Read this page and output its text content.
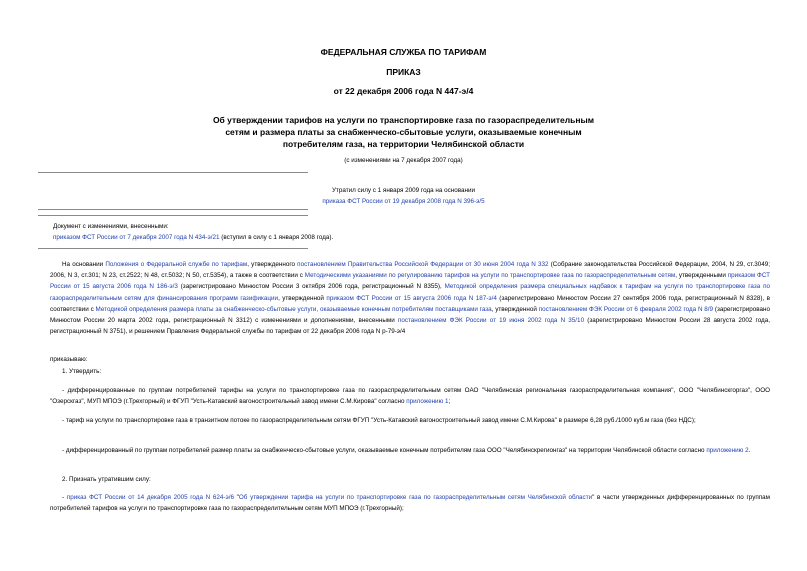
ФЕДЕРАЛЬНАЯ СЛУЖБА ПО ТАРИФАМ
ПРИКАЗ
от 22 декабря 2006 года N 447-э/4
Об утверждении тарифов на услуги по транспортировке газа по газораспределительным
сетям и размера платы за снабженческо-сбытовые услуги, оказываемые конечным
потребителям газа, на территории Челябинской области
(с изменениями на 7 декабря 2007 года)
Утратил силу с 1 января 2009 года на основании
приказа ФСТ России от 19 декабря 2008 года N 396-э/5
Документ с изменениями, внесенными:
приказом ФСТ России от 7 декабря 2007 года N 434-э/21 (вступил в силу с 1 января 2008 года).
На основании Положения о Федеральной службе по тарифам, утвержденного постановлением Правительства Российской Федерации от 30 июня 2004 года N 332 (Собрание законодательства Российской Федерации, 2004, N 29, ст.3049; 2006, N 3, ст.301; N 23, ст.2522; N 48, ст.5032; N 50, ст.5354), а также в соответствии с Методическими указаниями по регулированию тарифов на услуги по транспортировке газа по газораспределительным сетям, утвержденными приказом ФСТ России от 15 августа 2006 года N 186-э/3 (зарегистрировано Минюстом России 3 октября 2006 года, регистрационный N 8355), Методикой определения размера специальных надбавок к тарифам на услуги по транспортировке газа по газораспределительным сетям для финансирования программ газификации, утвержденной приказом ФСТ России от 15 августа 2006 года N 187-э/4 (зарегистрировано Минюстом России 27 сентября 2006 года, регистрационный N 8328), в соответствии с Методикой определения размера платы за снабженческо-сбытовые услуги, оказываемые конечным потребителям поставщиками газа, утвержденной постановлением ФЭК России от 6 февраля 2002 года N 8/9 (зарегистрировано Минюстом России 20 марта 2002 года, регистрационный N 3312) с изменениями и дополнениями, внесенными постановлением ФЭК России от 19 июня 2002 года N 35/10 (зарегистрировано Минюстом России 28 августа 2002 года, регистрационный N 3751), и решением Правления Федеральной службы по тарифам от 22 декабря 2006 года N р-79-э/4
приказываю:
1. Утвердить:
- дифференцированные по группам потребителей тарифы на услуги по транспортировке газа по газораспределительным сетям ОАО "Челябинская региональная газораспределительная компания", ООО "Челябинскгоргаз", ООО "Озерскгаз", МУП МПОЭ (г.Трехгорный) и ФГУП "Усть-Катавский вагоностроительный завод имени С.М.Кирова" согласно приложению 1;
- тариф на услуги по транспортировке газа в транзитном потоке по газораспределительным сетям ФГУП "Усть-Катавский вагоностроительный завод имени С.М.Кирова" в размере 6,28 руб./1000 куб.м газа (без НДС);
- дифференцированный по группам потребителей размер платы за снабженческо-сбытовые услуги, оказываемые конечным потребителям газа ООО "Челябинскрегионгаз" на территории Челябинской области согласно приложению 2.
2. Признать утратившим силу:
- приказ ФСТ России от 14 декабря 2005 года N 624-э/6 "Об утверждении тарифа на услуги по транспортировке газа по газораспределительным сетям Челябинской области" в части утвержденных дифференцированных по группам потребителей тарифов на услуги по транспортировке газа по газораспределительным сетям МУП МПОЭ (г.Трехгорный);
